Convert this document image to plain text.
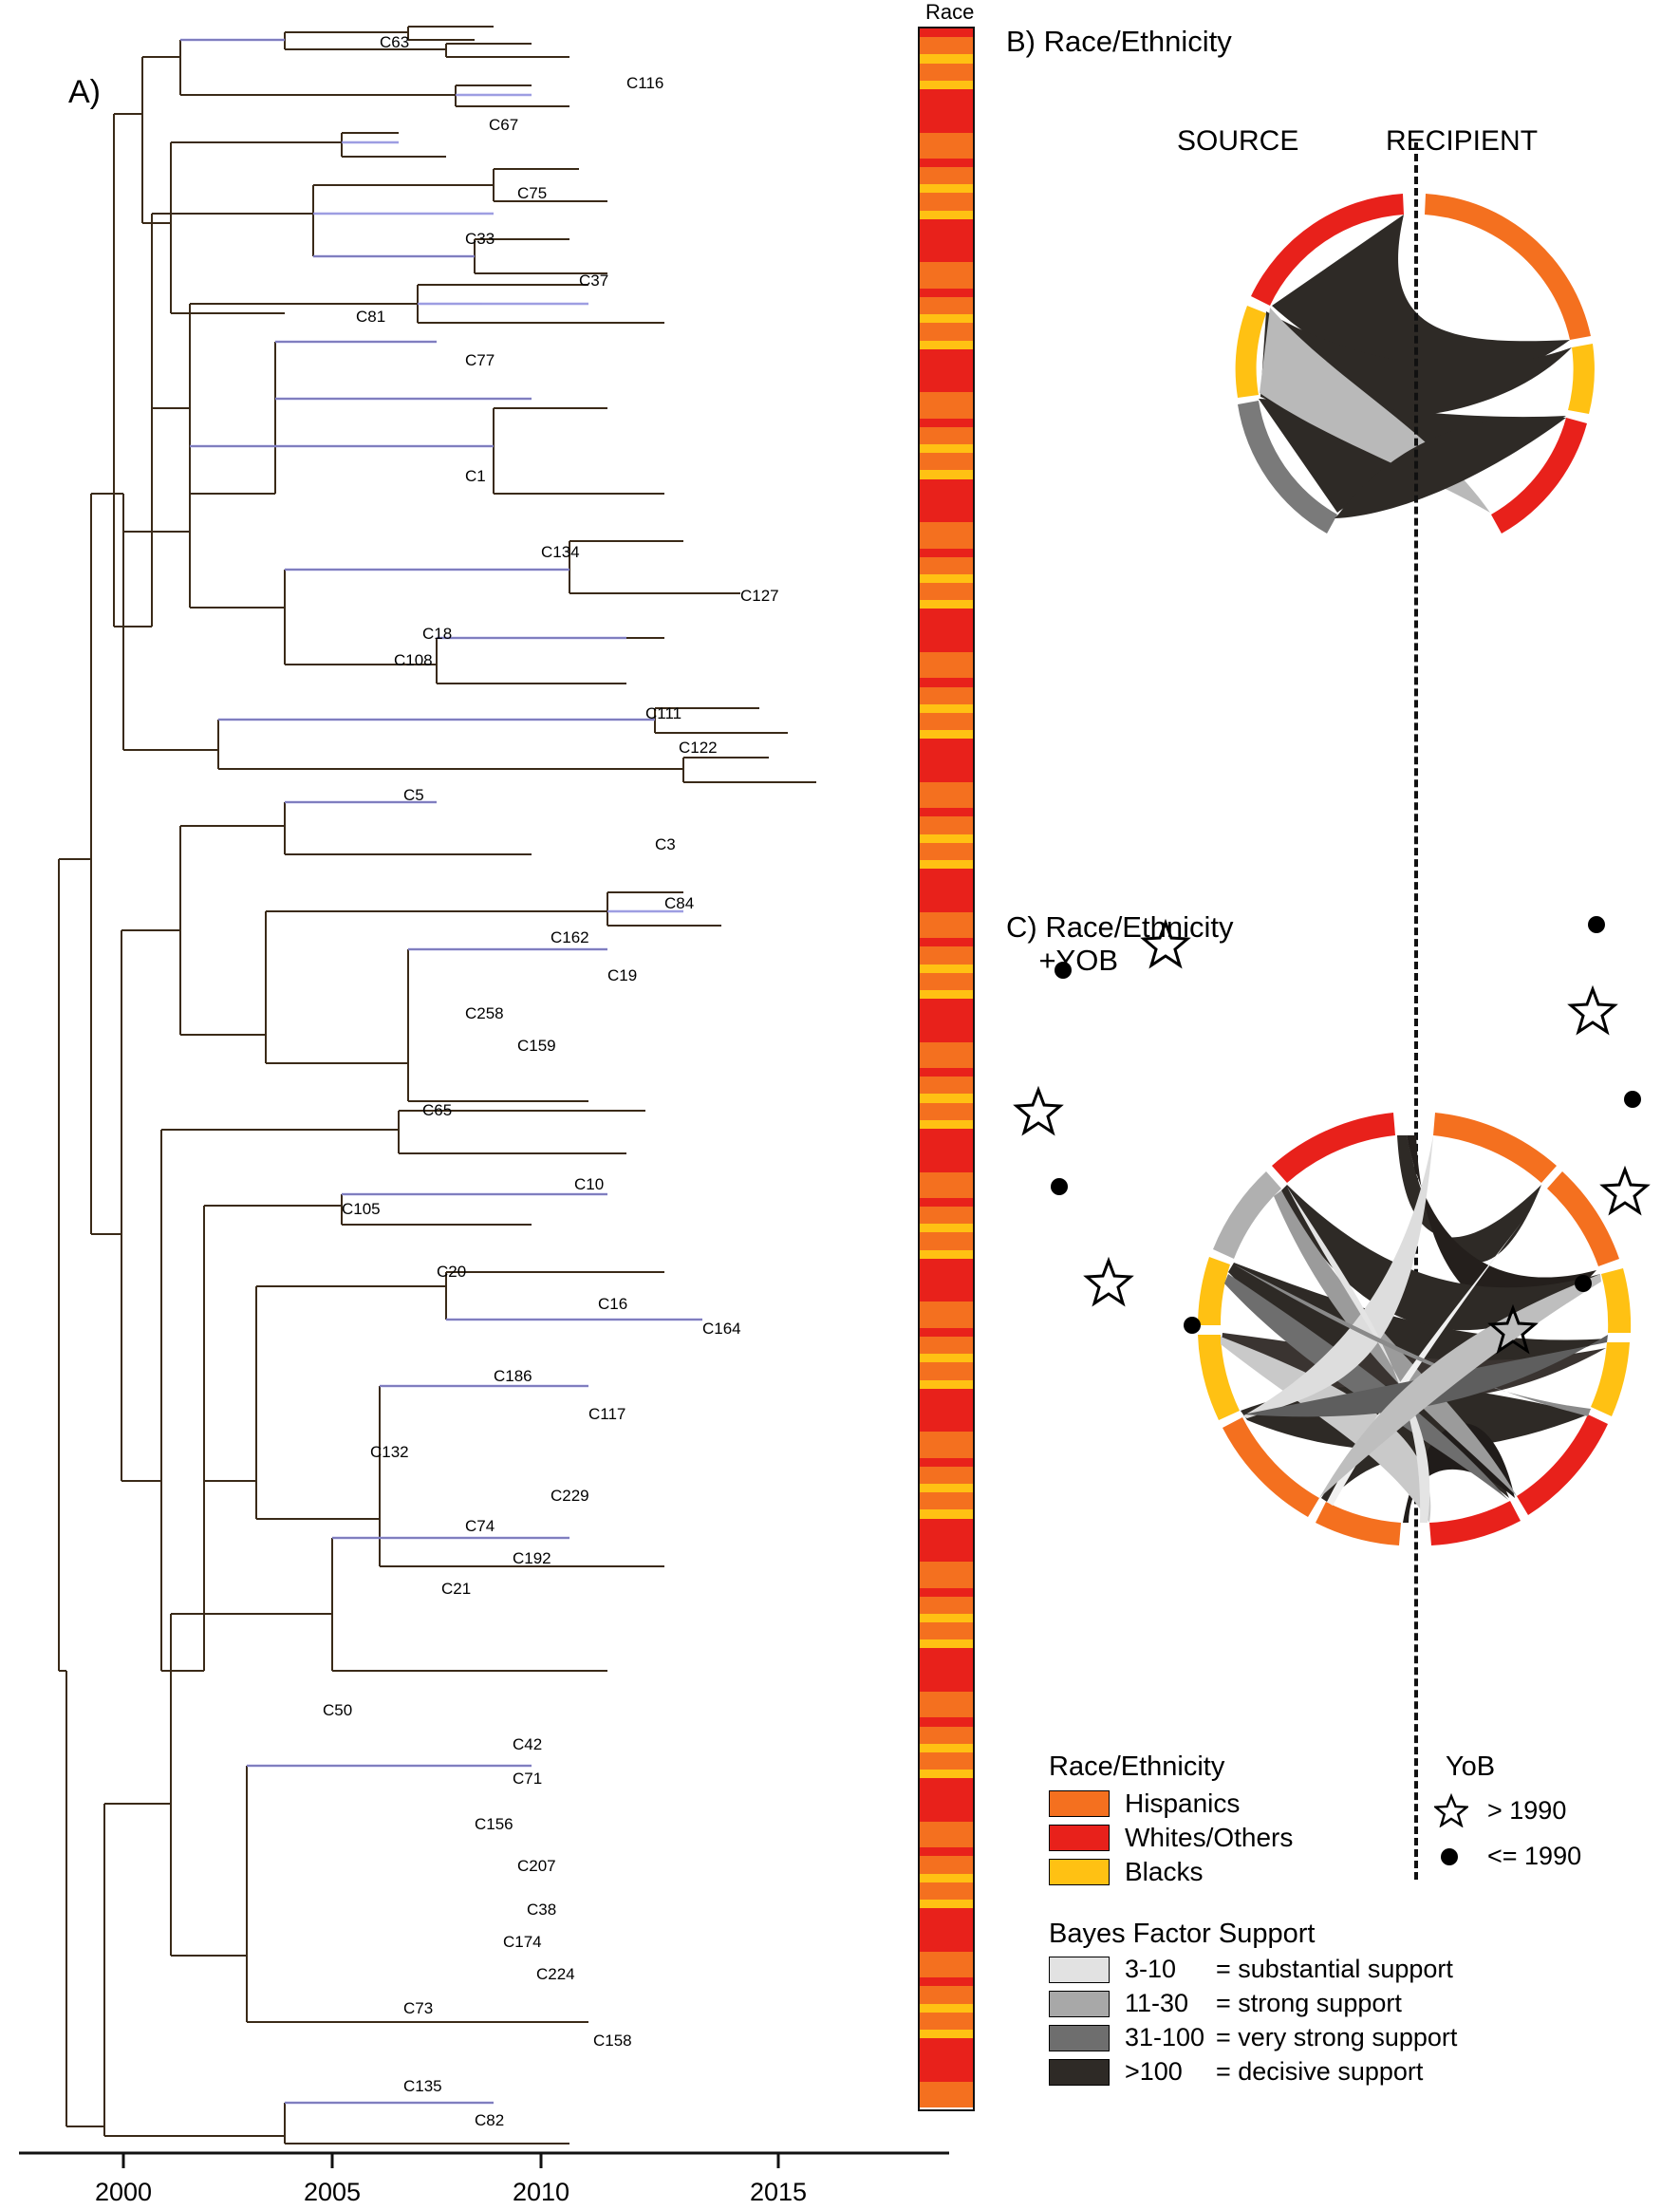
A)
C63
C116
C67
C75
C33
C37
C81
C77
C1
C134
C127
C18
C108
C111
C122
C5
C3
C84
C162
C19
C258
C159
C65
C10
C105
C20
C16
C164
C186
C117
C132
C229
C74
C192
C21
C50
C42
C71
C156
C207
C38
C174
C224
C73
C158
C135
C82
2000	2005	2010	2015
Race
B) Race/Ethnicity
SOURCE	RECIPIENT
C) Race/Ethnicity
+YOB
Race/Ethnicity
Hispanics
Whites/Others
Blacks
YoB
> 1990
<= 1990
Bayes Factor Support
3-10	= substantial support
11-30	= strong support
31-100 = very strong support
>100	= decisive support
